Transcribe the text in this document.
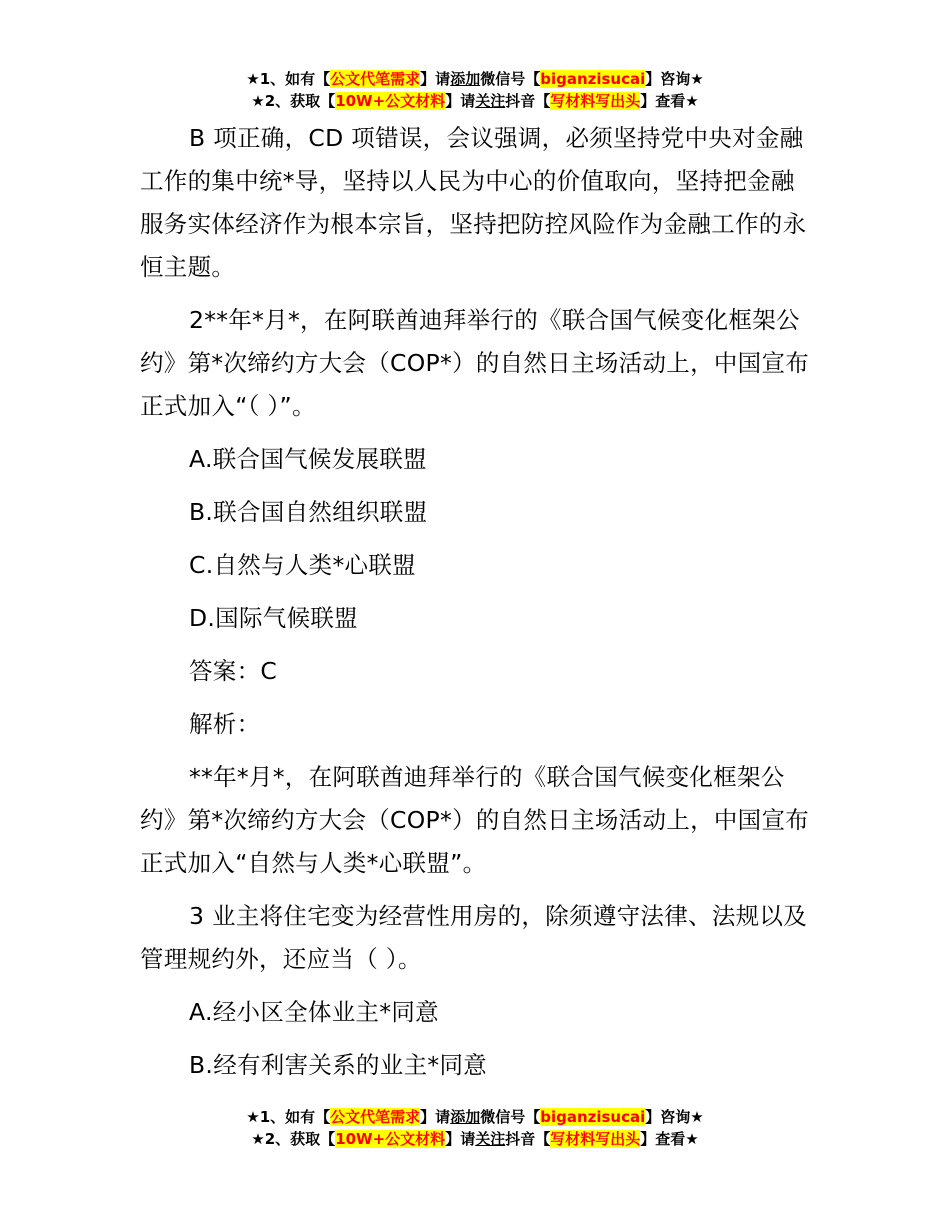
★1、如有【公文代笔需求】请添加微信号【biganzisucai】咨询★
★2、获取【10W+公文材料】请关注抖音【写材料写出头】查看★

B 项正确，CD 项错误，会议强调，必须坚持党中央对金融工作的集中统*导，坚持以人民为中心的价值取向，坚持把金融服务实体经济作为根本宗旨，坚持把防控风险作为金融工作的永恒主题。

2**年*月*，在阿联酋迪拜举行的《联合国气候变化框架公约》第*次缔约方大会（COP*）的自然日主场活动上，中国宣布正式加入“（ ）”。

A.联合国气候发展联盟

B.联合国自然组织联盟

C.自然与人类*心联盟

D.国际气候联盟

答案：C

解析：

**年*月*，在阿联酋迪拜举行的《联合国气候变化框架公约》第*次缔约方大会（COP*）的自然日主场活动上，中国宣布正式加入“自然与人类*心联盟”。

3 业主将住宅变为经营性用房的，除须遵守法律、法规以及管理规约外，还应当（ ）。

A.经小区全体业主*同意

B.经有利害关系的业主*同意

★1、如有【公文代笔需求】请添加微信号【biganzisucai】咨询★
★2、获取【10W+公文材料】请关注抖音【写材料写出头】查看★
